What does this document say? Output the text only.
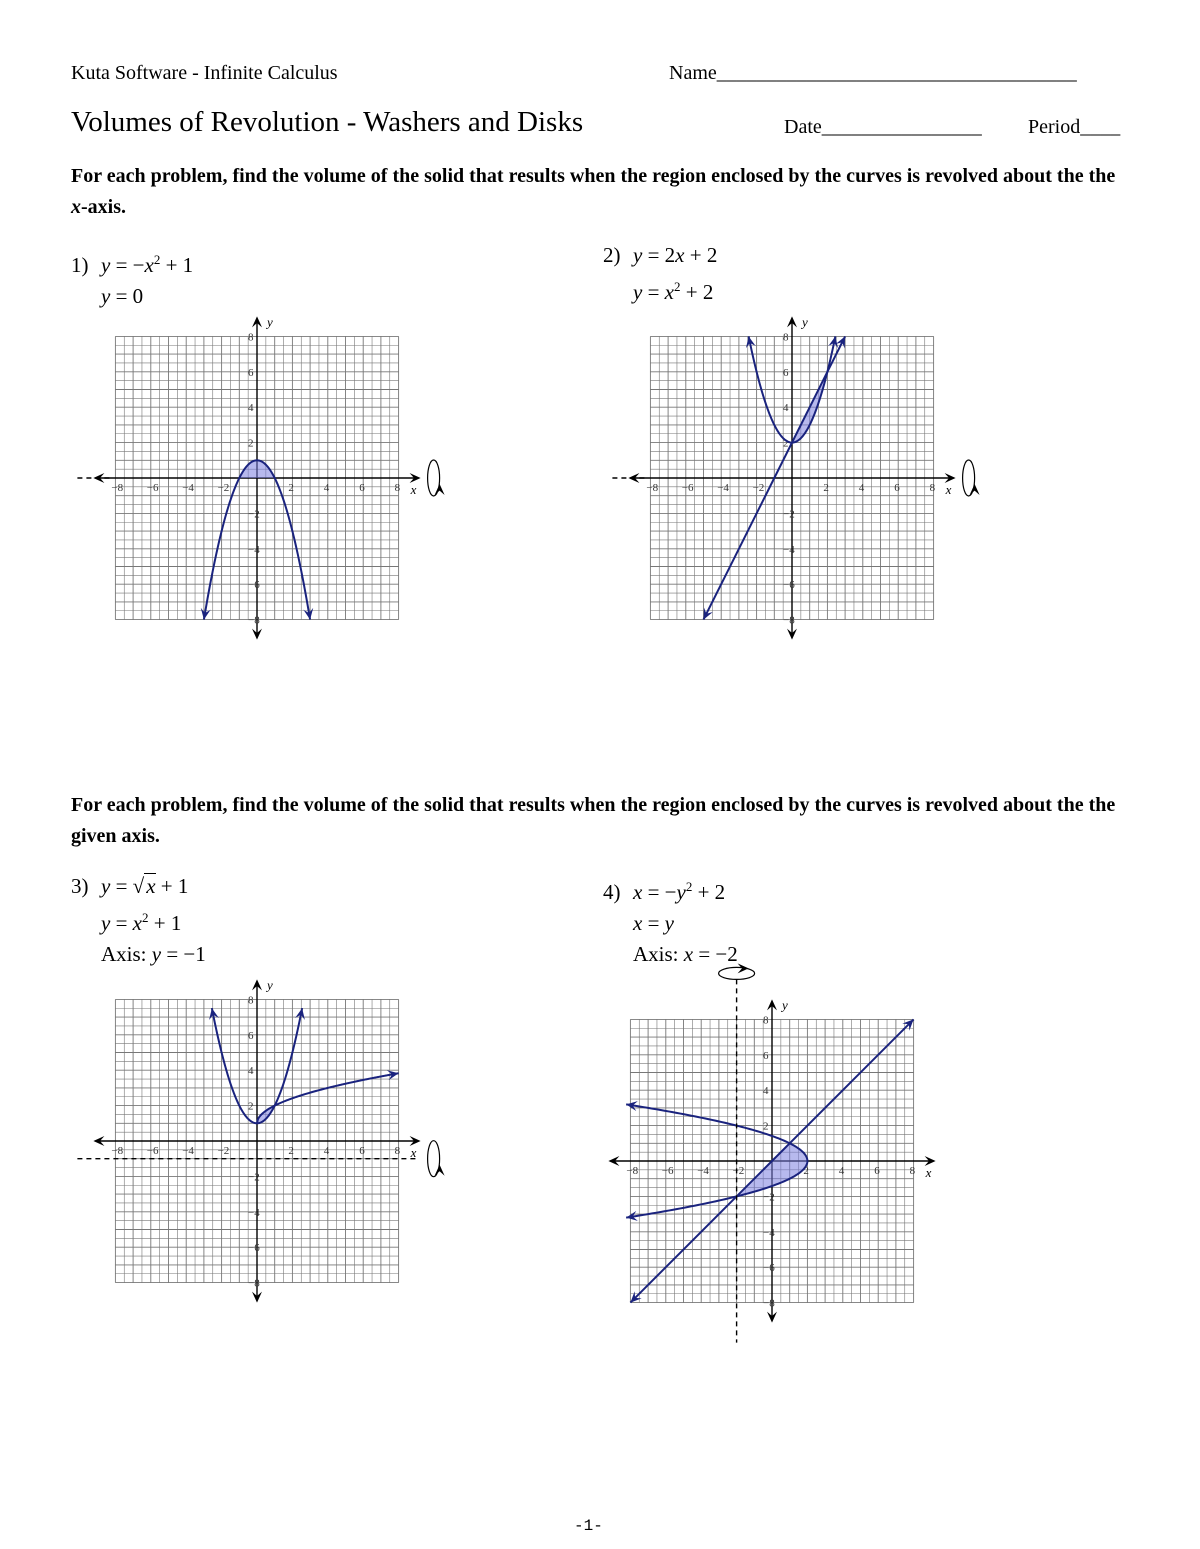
Kuta Software - Infinite Calculus	Name____________________________________
Volumes of Revolution - Washers and Disks	Date________________ Period____
For each problem, find the volume of the solid that results when the region enclosed by the curves is revolved about the the x-axis.
For each problem, find the volume of the solid that results when the region enclosed by the curves is revolved about the the given axis.
1) $y = -x^2 + 1$
y = 0
2) y = 2x + 2
$y = x^2 + 2$
3) y = √x + 1
$y = x^2 + 1$
Axis: y = −1
4) $x = -y^2 + 2$
x = y
Axis: x = −2
x
y
−8 −6 −4 −2	2	4	6	8
8
6
4
2
−2
−4
−6
−8
x
y
−8 −6 −4 −2	2	4	6	8
8
6
4
2
−2
−4
−6
−8
x
y
−8 −6 −4 −2	2	4	6	8
8
6
4
2
−2
−4
−6
−8
x
y
−8 −6 −4 −2	2	4	6	8
8
6
4
2
−2
−4
−6
−8
-1-
